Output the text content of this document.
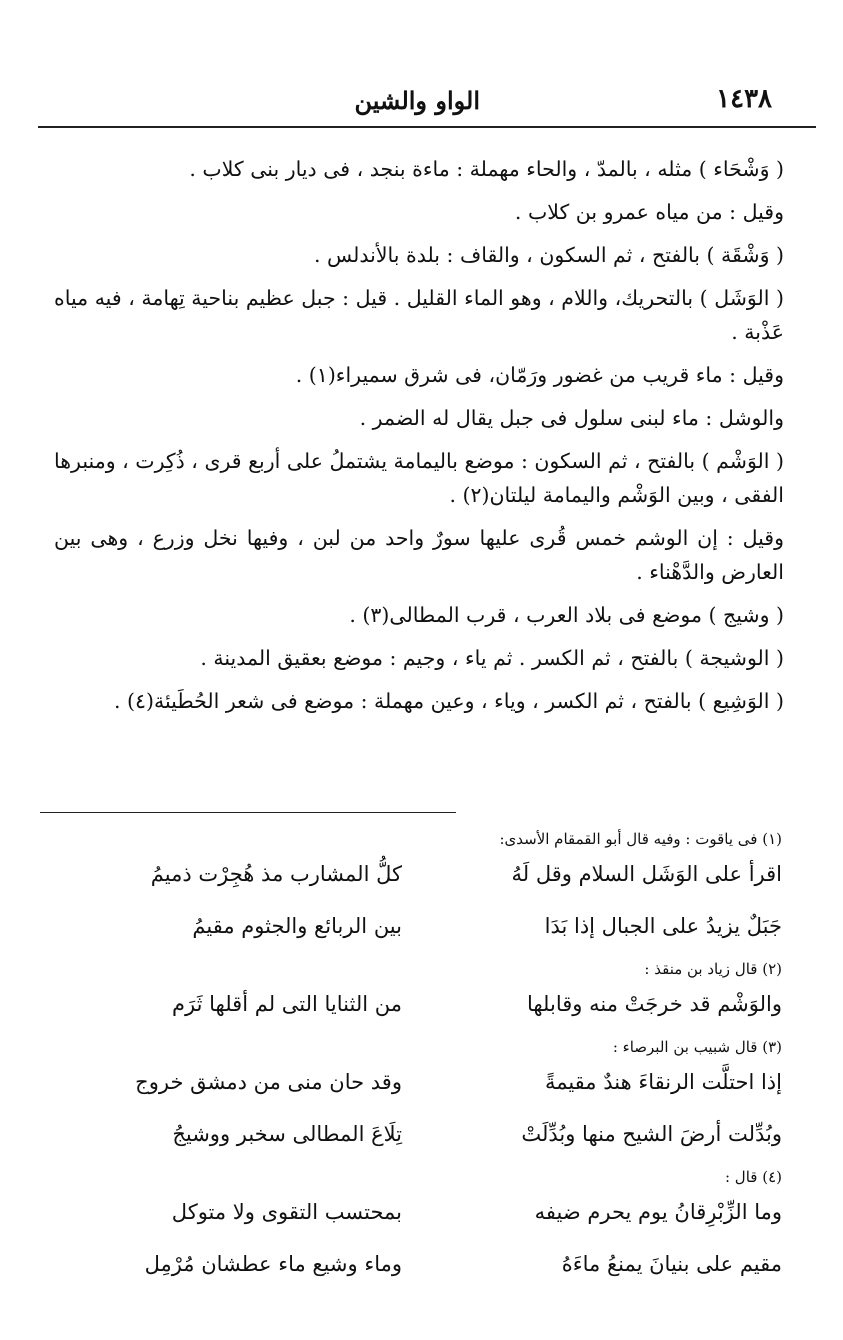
١٤٣٨
الواو والشين

( وَشْحَاء ) مثله ، بالمدّ ، والحاء مهملة : ماءة بنجد ، فى ديار بنى كلاب .

وقيل : من مياه عمرو بن كلاب .

( وَشْقَة ) بالفتح ، ثم السكون ، والقاف : بلدة بالأندلس .

( الوَشَل ) بالتحريك، واللام ، وهو الماء القليل . قيل : جبل عظيم بناحية تِهامة ، فيه مياه عَذْبة .

وقيل : ماء قريب من غضور ورَمّان، فى شرق سميراء(١) .

والوشل : ماء لبنى سلول فى جبل يقال له الضمر .

( الوَشْم ) بالفتح ، ثم السكون : موضع باليمامة يشتملُ على أربع قرى ، ذُكِرت ، ومنبرها الفقى ، وبين الوَشْم واليمامة ليلتان(٢) .

وقيل : إن الوشم خمس قُرى عليها سورٌ واحد من لبن ، وفيها نخل وزرع ، وهى بين العارض والدَّهْناء .

( وشيج ) موضع فى بلاد العرب ، قرب المطالى(٣) .

( الوشيجة ) بالفتح ، ثم الكسر . ثم ياء ، وجيم : موضع بعقيق المدينة .

( الوَشِيع ) بالفتح ، ثم الكسر ، وياء ، وعين مهملة : موضع فى شعر الحُطَيئة(٤) .

(١) فى ياقوت : وفيه قال أبو القمقام الأسدى:

اقرأ على الوَشَل السلام وقل لَهُ
كلُّ المشارب مذ هُجِرْت ذميمُ
جَبَلٌ يزيدُ على الجبال إذا بَدَا
بين الربائع والجثوم مقيمُ

(٢) قال زياد بن منقذ :

والوَشْم قد خرجَتْ منه وقابلها
من الثنايا التى لم أقلها ثَرَم

(٣) قال شبيب بن البرصاء :

إذا احتلَّت الرنقاءَ هندٌ مقيمةً
وقد حان منى من دمشق خروج
وبُدِّلت أرضَ الشيح منها وبُدِّلَتْ
تِلَاعَ المطالى سخبر ووشيجُ

(٤) قال :

وما الزِّبْرِقانُ يوم يحرم ضيفه
بمحتسب التقوى ولا متوكل
مقيم على بنيانَ يمنعُ ماءَهُ
وماء وشيع ماء عطشان مُرْمِل
